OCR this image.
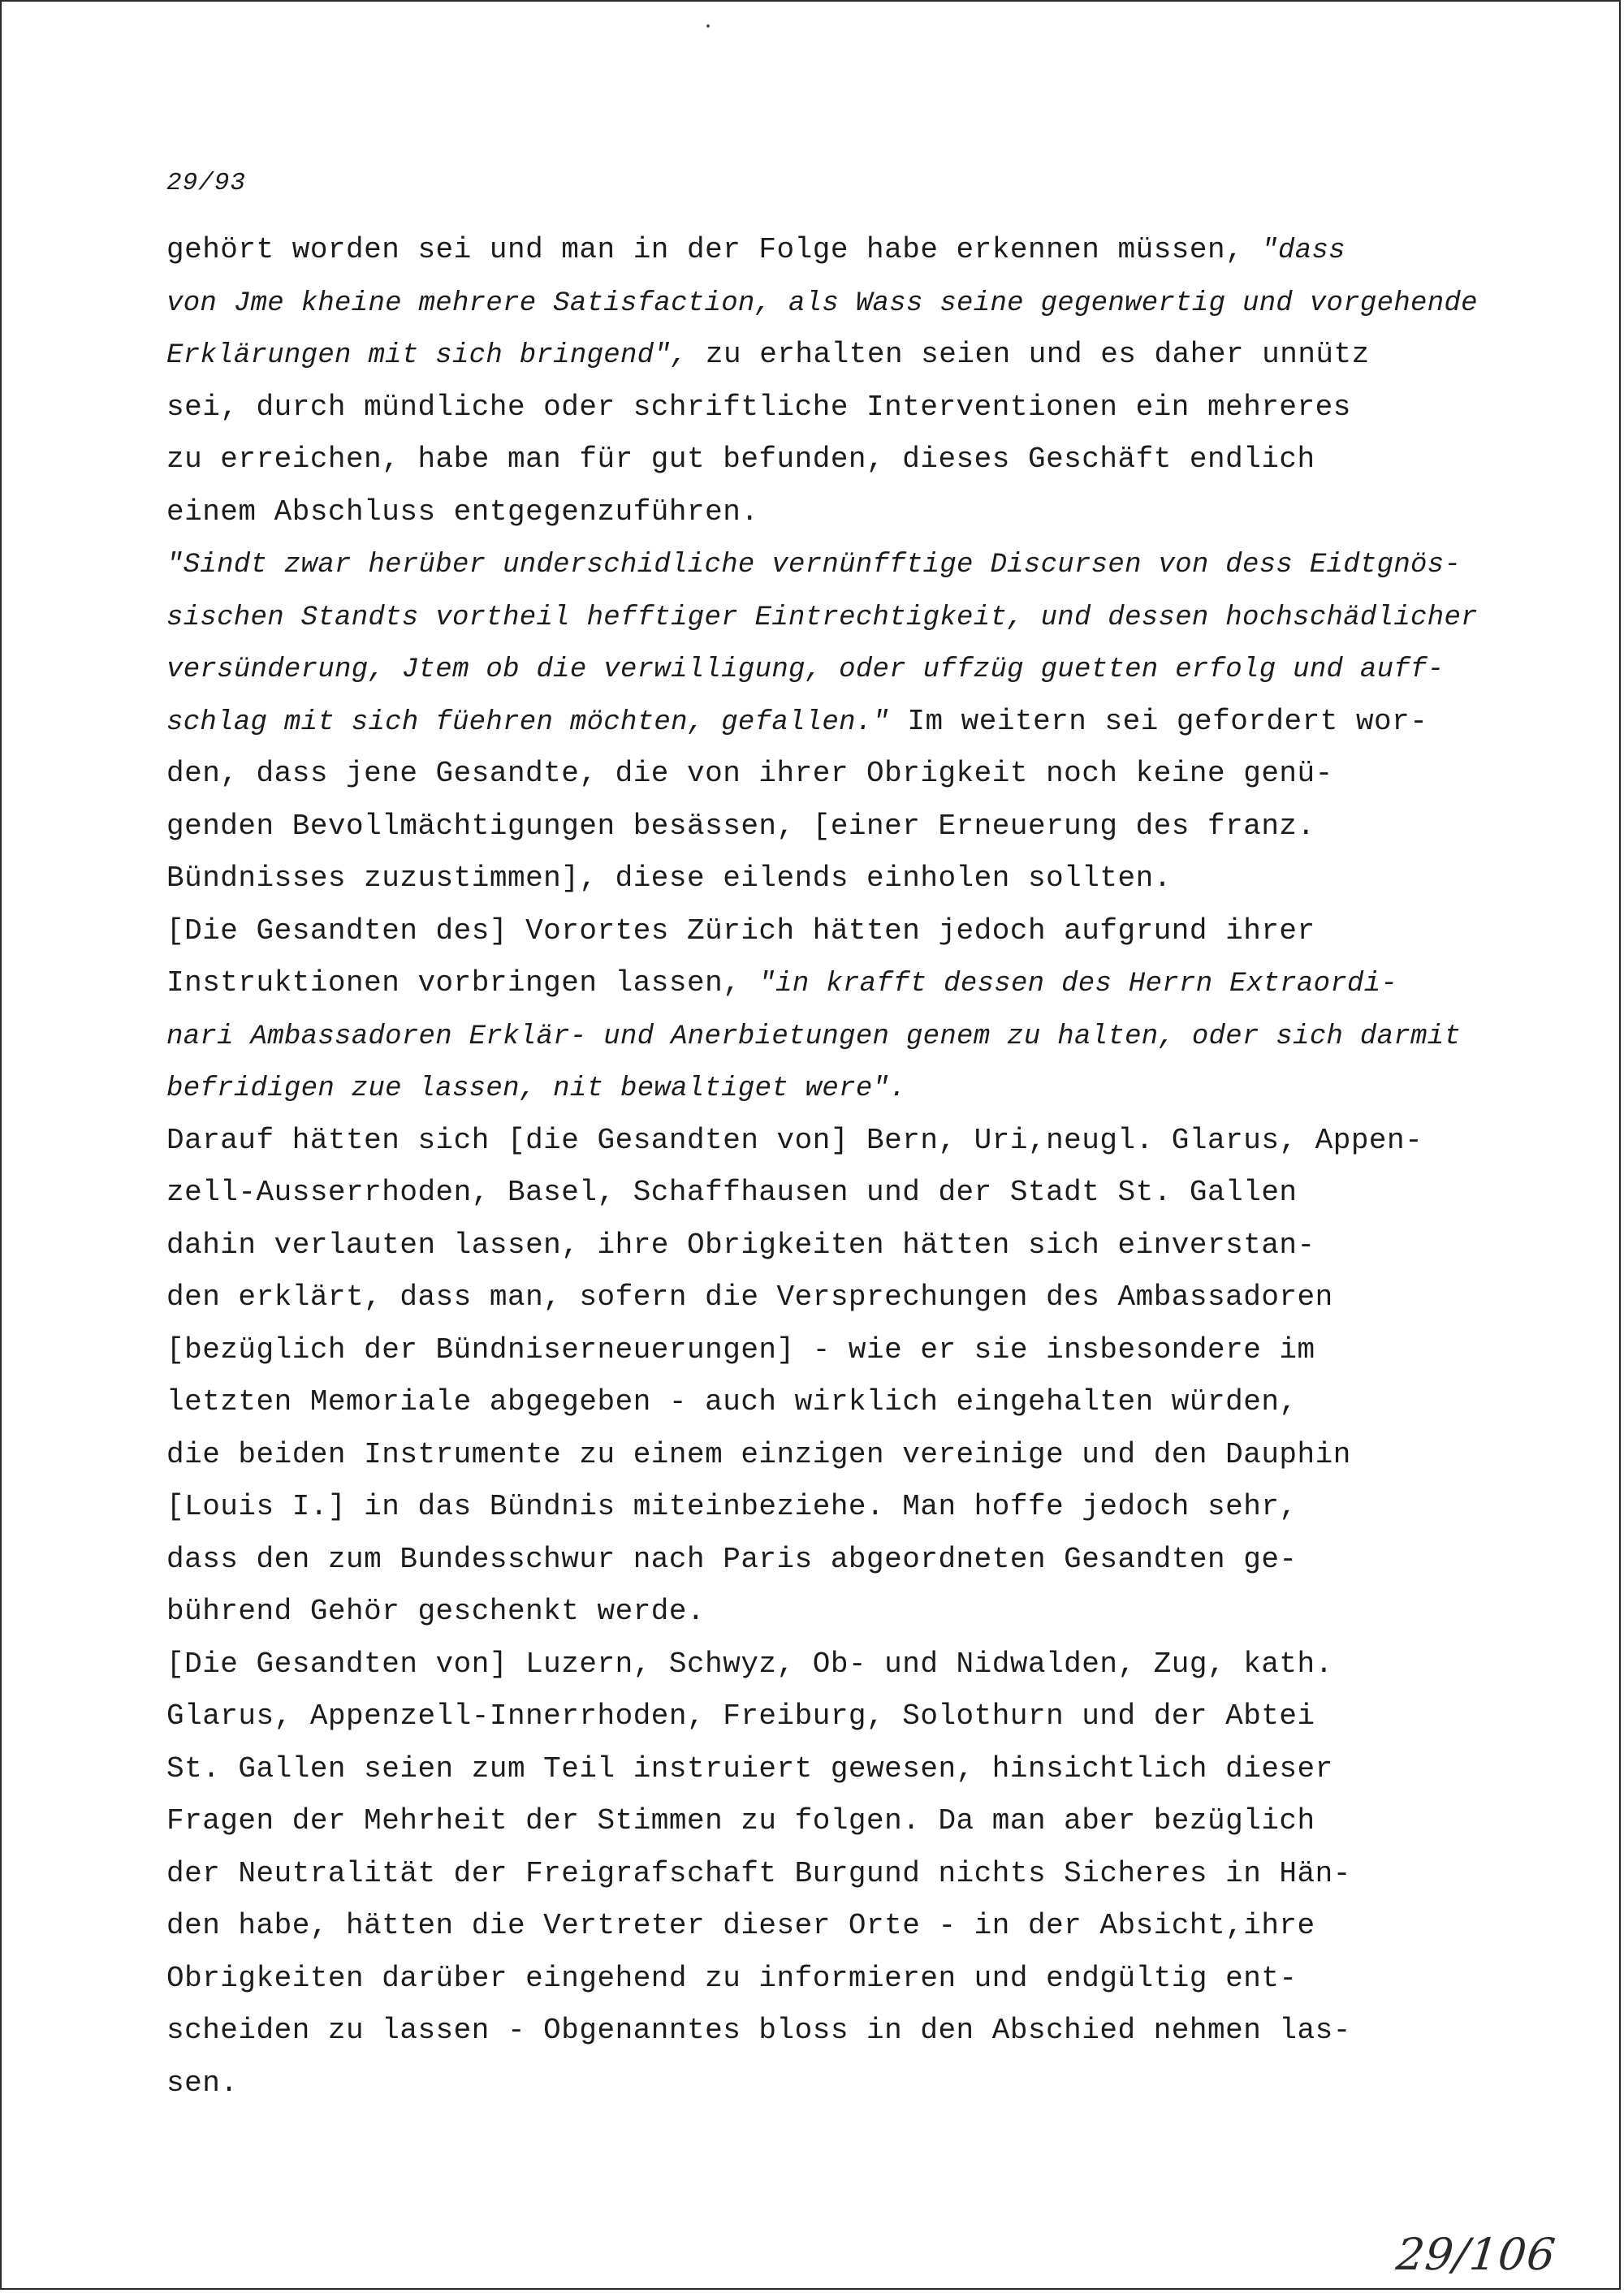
29/93
gehört worden sei und man in der Folge habe erkennen müssen, "dass
von Jme kheine mehrere Satisfaction, als Wass seine gegenwertig und vorgehende
Erklärungen mit sich bringend", zu erhalten seien und es daher unnütz
sei, durch mündliche oder schriftliche Interventionen ein mehreres
zu erreichen, habe man für gut befunden, dieses Geschäft endlich
einem Abschluss entgegenzuführen.
"Sindt zwar herüber underschidliche vernünfftige Discursen von dess Eidtgnös-
sischen Standts vortheil hefftiger Eintrechtigkeit, und dessen hochschädlicher
versünderung, Jtem ob die verwilligung, oder uffzüg guetten erfolg und auff-
schlag mit sich füehren möchten, gefallen." Im weitern sei gefordert wor-
den, dass jene Gesandte, die von ihrer Obrigkeit noch keine genü-
genden Bevollmächtigungen besässen, [einer Erneuerung des franz.
Bündnisses zuzustimmen], diese eilends einholen sollten.
[Die Gesandten des] Vorortes Zürich hätten jedoch aufgrund ihrer
Instruktionen vorbringen lassen, "in krafft dessen des Herrn Extraordi-
nari Ambassadoren Erklär- und Anerbietungen genem zu halten, oder sich darmit
befridigen zue lassen, nit bewaltiget were".
Darauf hätten sich [die Gesandten von] Bern, Uri,neugl. Glarus, Appen-
zell-Ausserrhoden, Basel, Schaffhausen und der Stadt St. Gallen
dahin verlauten lassen, ihre Obrigkeiten hätten sich einverstan-
den erklärt, dass man, sofern die Versprechungen des Ambassadoren
[bezüglich der Bündniserneuerungen] - wie er sie insbesondere im
letzten Memoriale abgegeben - auch wirklich eingehalten würden,
die beiden Instrumente zu einem einzigen vereinige und den Dauphin
[Louis I.] in das Bündnis miteinbeziehe. Man hoffe jedoch sehr,
dass den zum Bundesschwur nach Paris abgeordneten Gesandten ge-
bührend Gehör geschenkt werde.
[Die Gesandten von] Luzern, Schwyz, Ob- und Nidwalden, Zug, kath.
Glarus, Appenzell-Innerrhoden, Freiburg, Solothurn und der Abtei
St. Gallen seien zum Teil instruiert gewesen, hinsichtlich dieser
Fragen der Mehrheit der Stimmen zu folgen. Da man aber bezüglich
der Neutralität der Freigrafschaft Burgund nichts Sicheres in Hän-
den habe, hätten die Vertreter dieser Orte - in der Absicht,ihre
Obrigkeiten darüber eingehend zu informieren und endgültig ent-
scheiden zu lassen - Obgenanntes bloss in den Abschied nehmen las-
sen.
29/106
